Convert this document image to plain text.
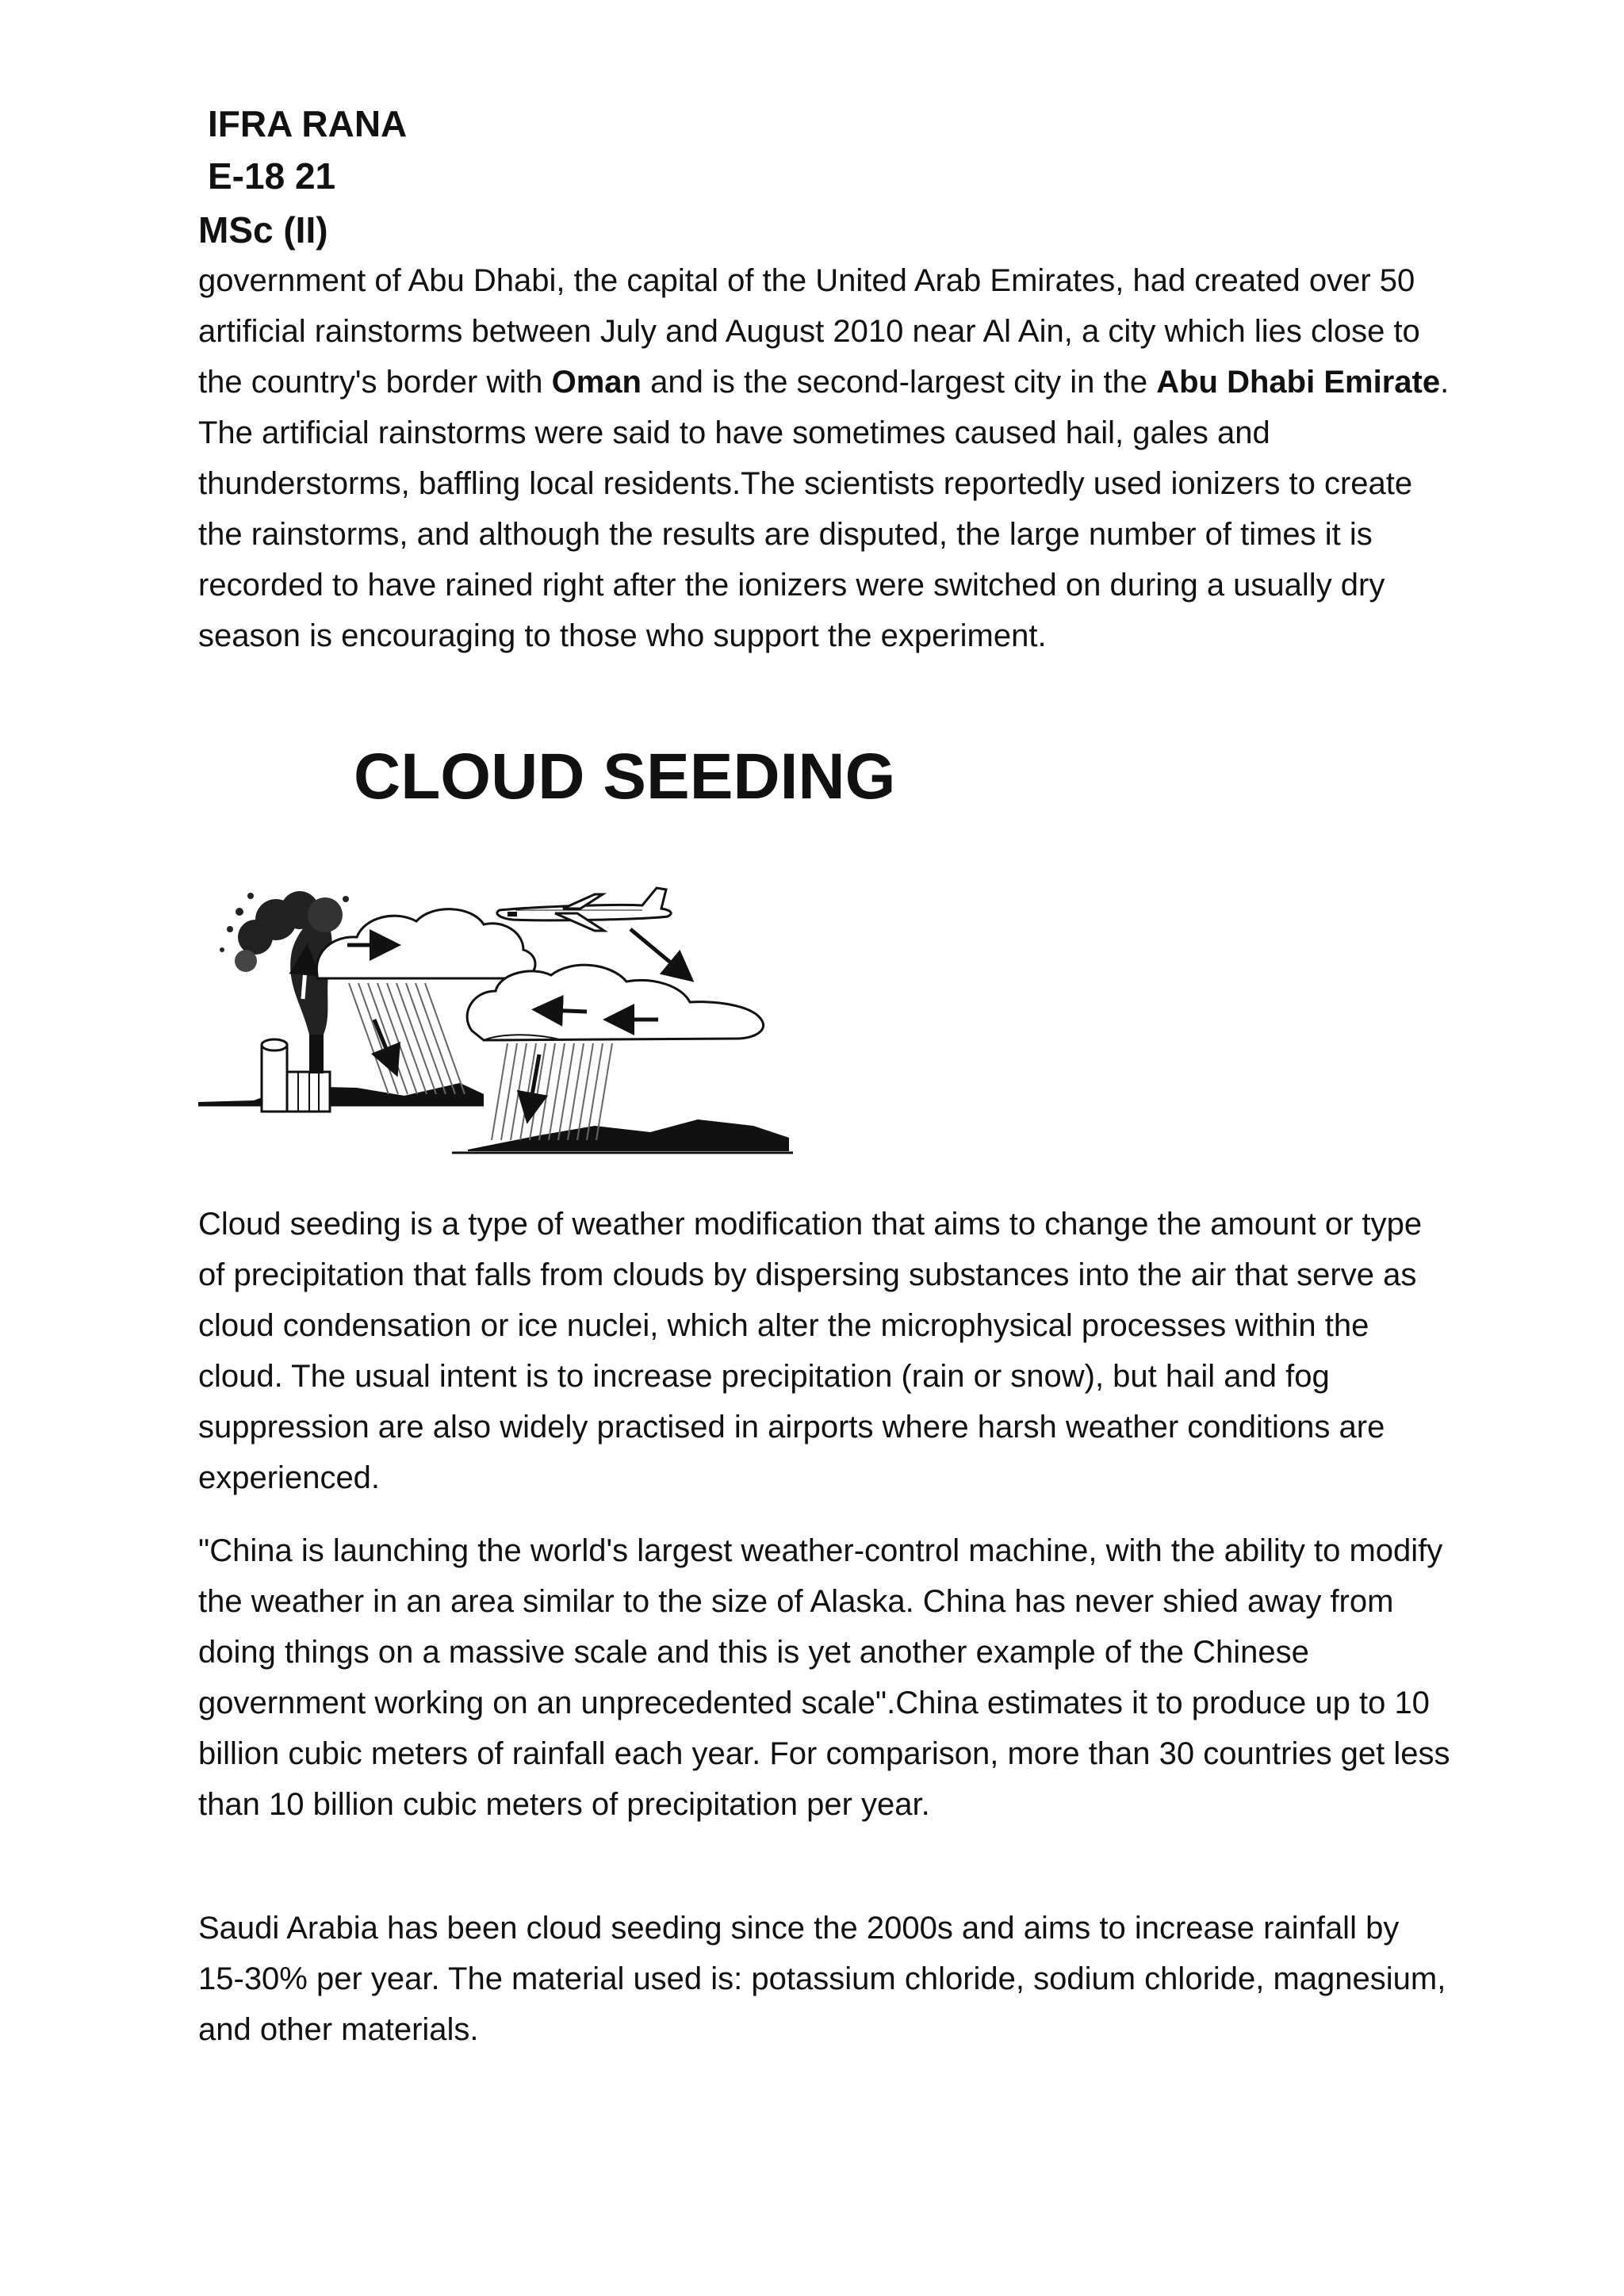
IFRA RANA
E-18 21
MSc (II)

government of Abu Dhabi, the capital of the United Arab Emirates, had created over 50 artificial rainstorms between July and August 2010 near Al Ain, a city which lies close to the country's border with Oman and is the second-largest city in the Abu Dhabi Emirate. The artificial rainstorms were said to have sometimes caused hail, gales and thunderstorms, baffling local residents.The scientists reportedly used ionizers to create the rainstorms, and although the results are disputed, the large number of times it is recorded to have rained right after the ionizers were switched on during a usually dry season is encouraging to those who support the experiment.

CLOUD SEEDING

Cloud seeding is a type of weather modification that aims to change the amount or type of precipitation that falls from clouds by dispersing substances into the air that serve as cloud condensation or ice nuclei, which alter the microphysical processes within the cloud. The usual intent is to increase precipitation (rain or snow), but hail and fog suppression are also widely practised in airports where harsh weather conditions are experienced.

"China is launching the world's largest weather-control machine, with the ability to modify the weather in an area similar to the size of Alaska. China has never shied away from doing things on a massive scale and this is yet another example of the Chinese government working on an unprecedented scale".China estimates it to produce up to 10 billion cubic meters of rainfall each year. For comparison, more than 30 countries get less than 10 billion cubic meters of precipitation per year.

Saudi Arabia has been cloud seeding since the 2000s and aims to increase rainfall by 15-30% per year. The material used is: potassium chloride, sodium chloride, magnesium, and other materials.
